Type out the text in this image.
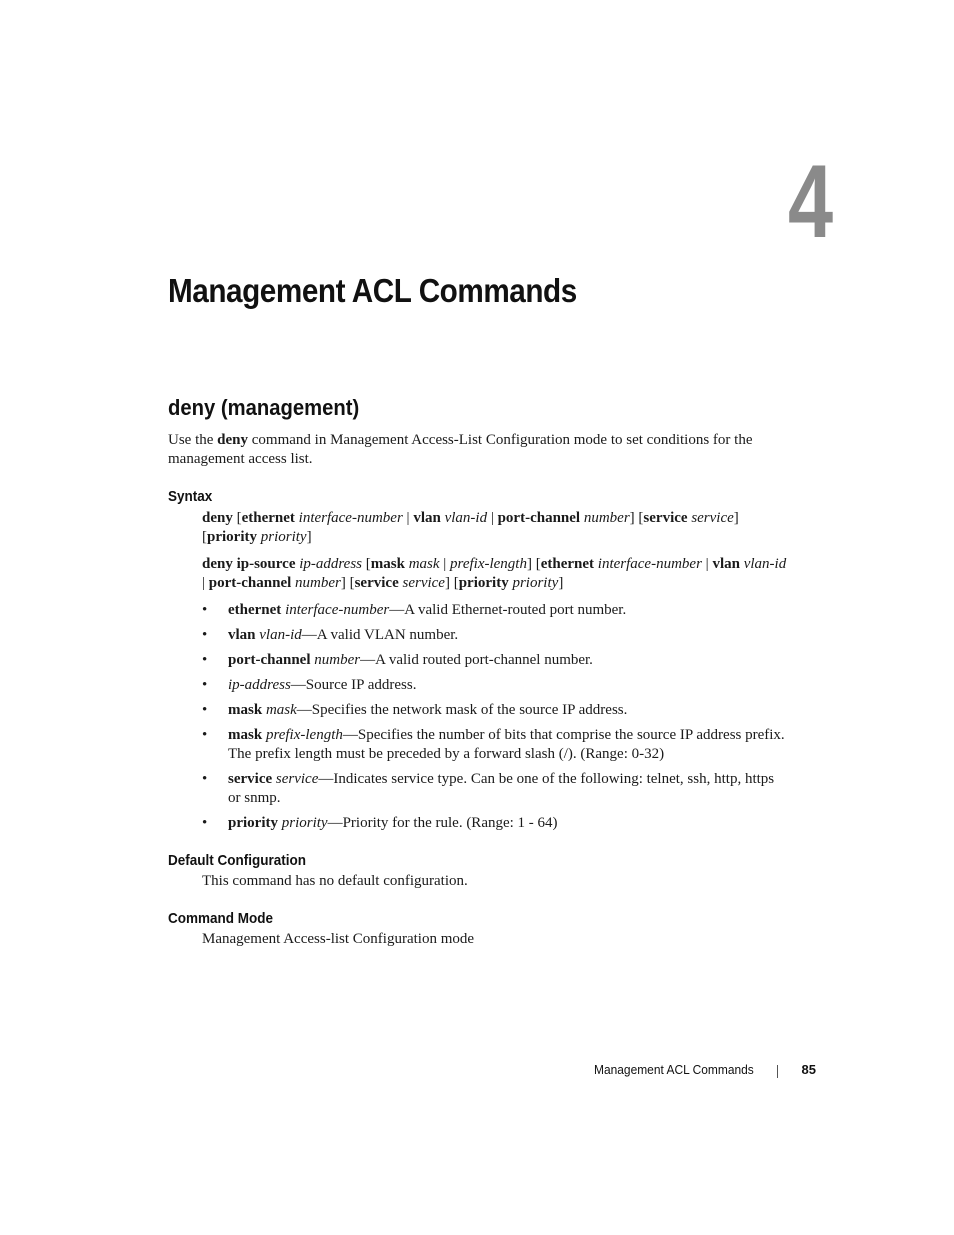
4
Management ACL Commands
deny (management)

Use the deny command in Management Access-List Configuration mode to set conditions for the management access list.

Syntax

deny [ethernet interface-number | vlan vlan-id | port-channel number] [service service]
[priority priority]

deny ip-source ip-address [mask mask | prefix-length] [ethernet interface-number | vlan vlan-id | port-channel number] [service service] [priority priority]

• ethernet interface-number—A valid Ethernet-routed port number.
• vlan vlan-id—A valid VLAN number.
• port-channel number—A valid routed port-channel number.
• ip-address—Source IP address.
• mask mask—Specifies the network mask of the source IP address.
• mask prefix-length—Specifies the number of bits that comprise the source IP address prefix. The prefix length must be preceded by a forward slash (/). (Range: 0-32)
• service service—Indicates service type. Can be one of the following: telnet, ssh, http, https or snmp.
• priority priority—Priority for the rule. (Range: 1 - 64)
Default Configuration

This command has no default configuration.

Command Mode

Management Access-list Configuration mode

Management ACL Commands	85
